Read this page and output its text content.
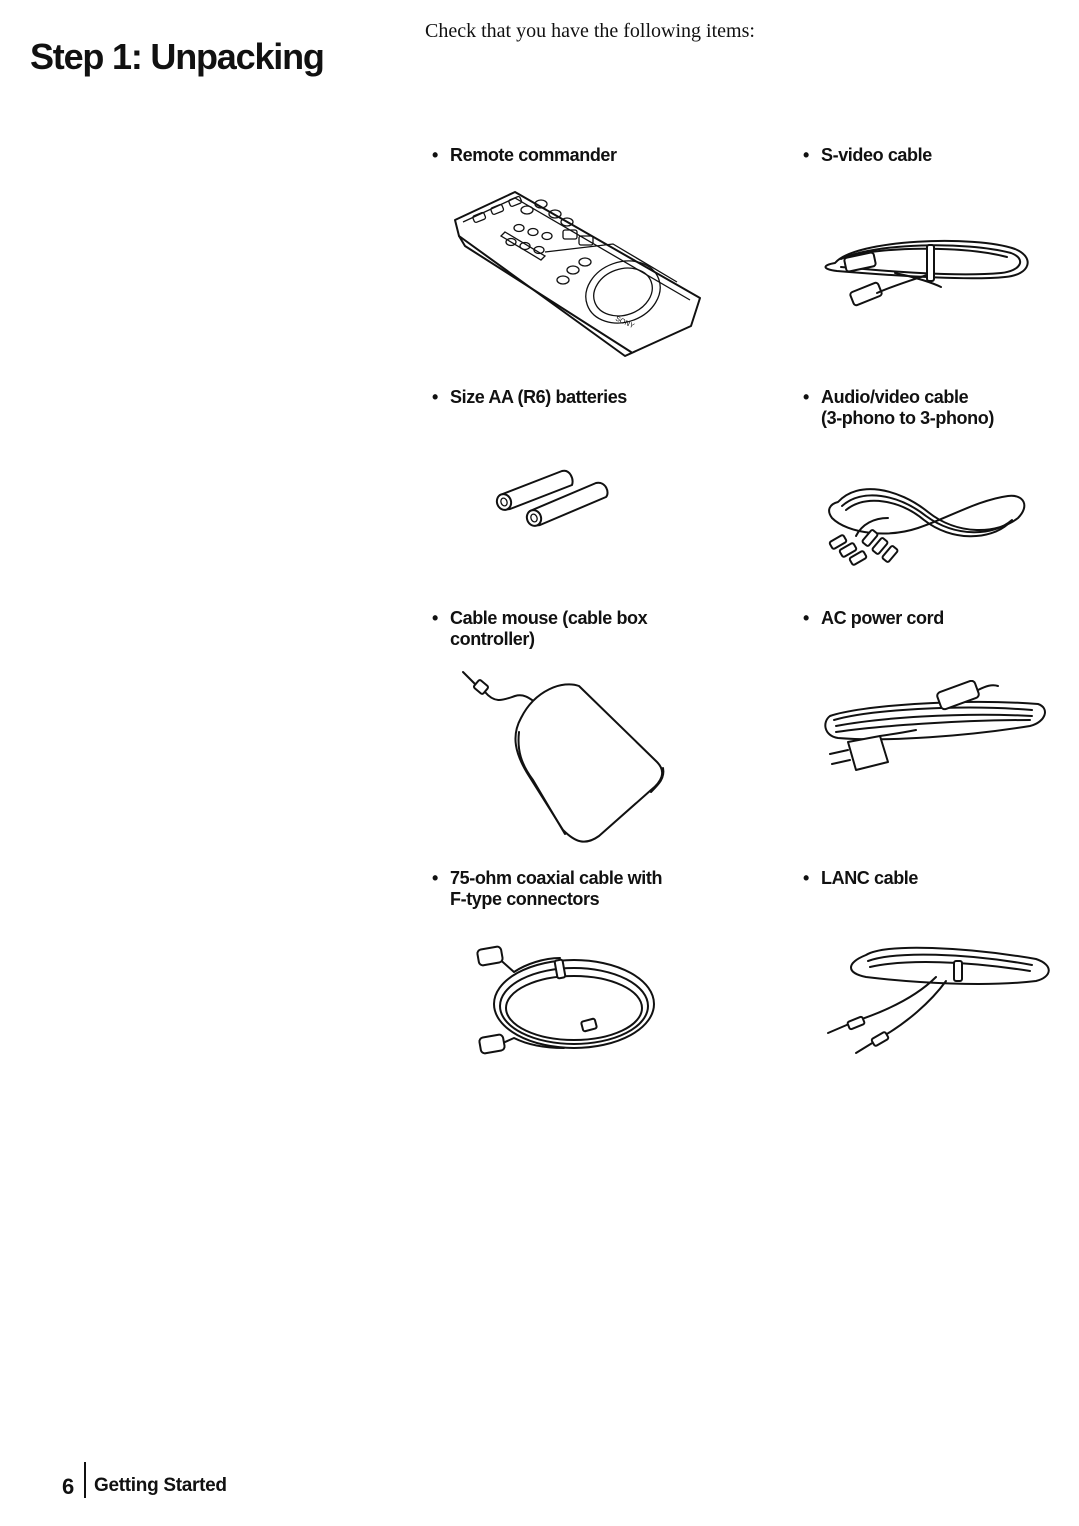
Step 1: Unpacking
Check that you have the following items:
• Remote commander	• S-video cable
• Size AA (R6) batteries	• Audio/video cable
(3-phono to 3-phono)
• Cable mouse (cable box
controller)
• AC power cord
• 75-ohm coaxial cable with
F-type connectors
• LANC cable
SONY
6 Getting Started
